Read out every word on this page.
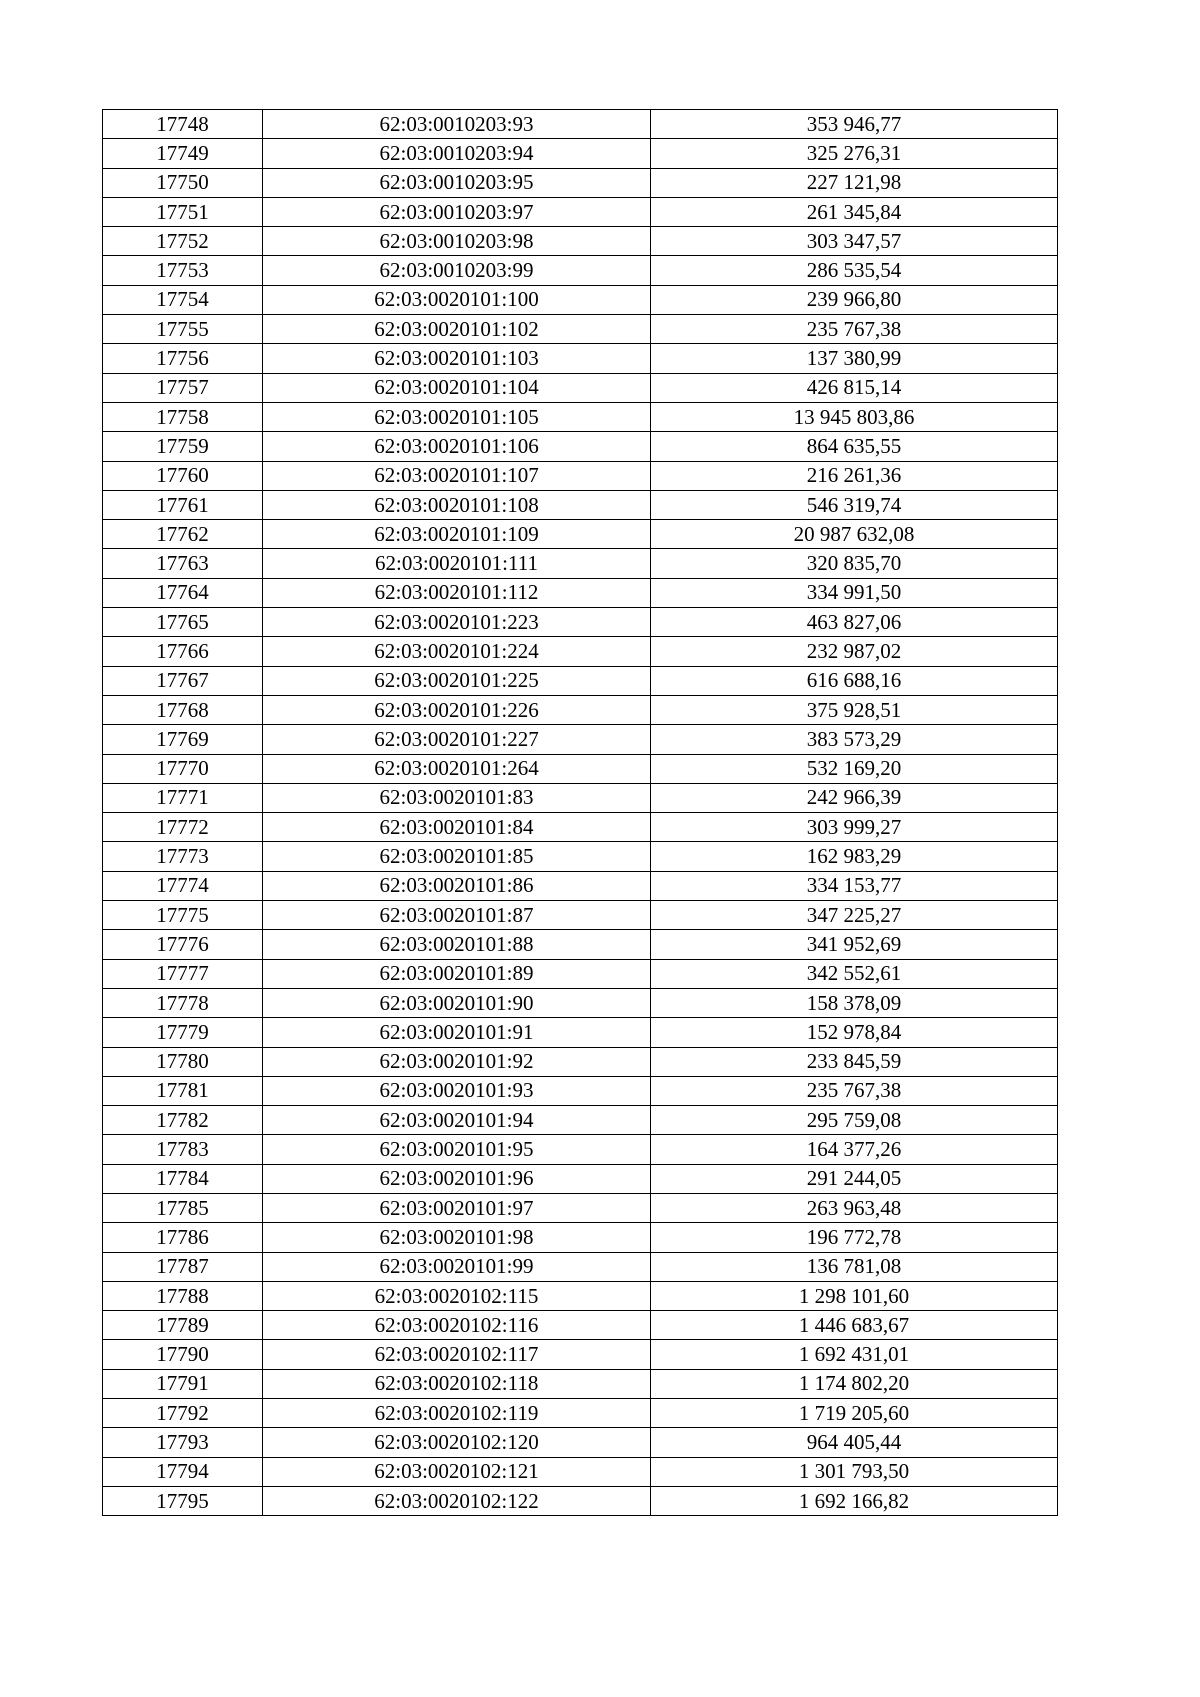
17748	62:03:0010203:93	353 946,77
17749	62:03:0010203:94	325 276,31
17750	62:03:0010203:95	227 121,98
17751	62:03:0010203:97	261 345,84
17752	62:03:0010203:98	303 347,57
17753	62:03:0010203:99	286 535,54
17754	62:03:0020101:100	239 966,80
17755	62:03:0020101:102	235 767,38
17756	62:03:0020101:103	137 380,99
17757	62:03:0020101:104	426 815,14
17758	62:03:0020101:105	13 945 803,86
17759	62:03:0020101:106	864 635,55
17760	62:03:0020101:107	216 261,36
17761	62:03:0020101:108	546 319,74
17762	62:03:0020101:109	20 987 632,08
17763	62:03:0020101:111	320 835,70
17764	62:03:0020101:112	334 991,50
17765	62:03:0020101:223	463 827,06
17766	62:03:0020101:224	232 987,02
17767	62:03:0020101:225	616 688,16
17768	62:03:0020101:226	375 928,51
17769	62:03:0020101:227	383 573,29
17770	62:03:0020101:264	532 169,20
17771	62:03:0020101:83	242 966,39
17772	62:03:0020101:84	303 999,27
17773	62:03:0020101:85	162 983,29
17774	62:03:0020101:86	334 153,77
17775	62:03:0020101:87	347 225,27
17776	62:03:0020101:88	341 952,69
17777	62:03:0020101:89	342 552,61
17778	62:03:0020101:90	158 378,09
17779	62:03:0020101:91	152 978,84
17780	62:03:0020101:92	233 845,59
17781	62:03:0020101:93	235 767,38
17782	62:03:0020101:94	295 759,08
17783	62:03:0020101:95	164 377,26
17784	62:03:0020101:96	291 244,05
17785	62:03:0020101:97	263 963,48
17786	62:03:0020101:98	196 772,78
17787	62:03:0020101:99	136 781,08
17788	62:03:0020102:115	1 298 101,60
17789	62:03:0020102:116	1 446 683,67
17790	62:03:0020102:117	1 692 431,01
17791	62:03:0020102:118	1 174 802,20
17792	62:03:0020102:119	1 719 205,60
17793	62:03:0020102:120	964 405,44
17794	62:03:0020102:121	1 301 793,50
17795	62:03:0020102:122	1 692 166,82
